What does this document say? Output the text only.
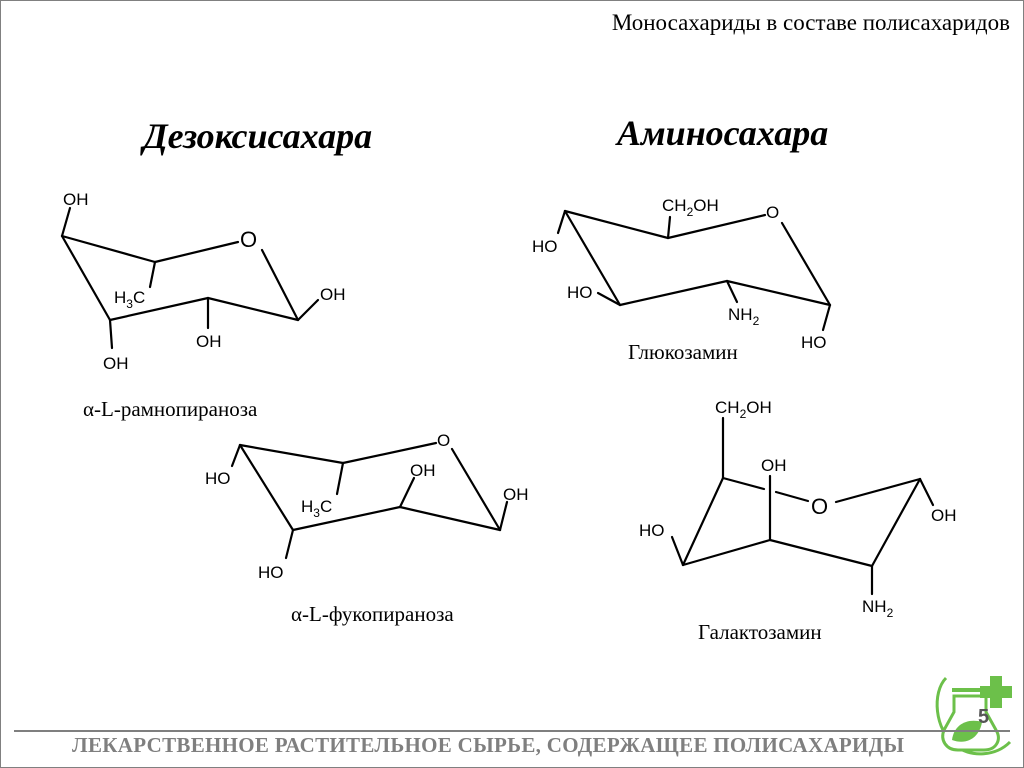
Моносахариды в составе полисахаридов
Дезоксисахара	Аминосахара
O
OH
$H_3C$	OH
OH
OH
O
HO	OH
OH
$H_3C$
HO
O
$CH_2OH$
HO
HO
$NH_2$
HO
O
$CH_2OH$
OH
OH
HO
$NH_2$
α-L-рамнопираноза
α-L-фукопираноза
Глюкозамин
Галактозамин
5
ЛЕКАРСТВЕННОЕ РАСТИТЕЛЬНОЕ СЫРЬЕ, СОДЕРЖАЩЕЕ ПОЛИСАХАРИДЫ
